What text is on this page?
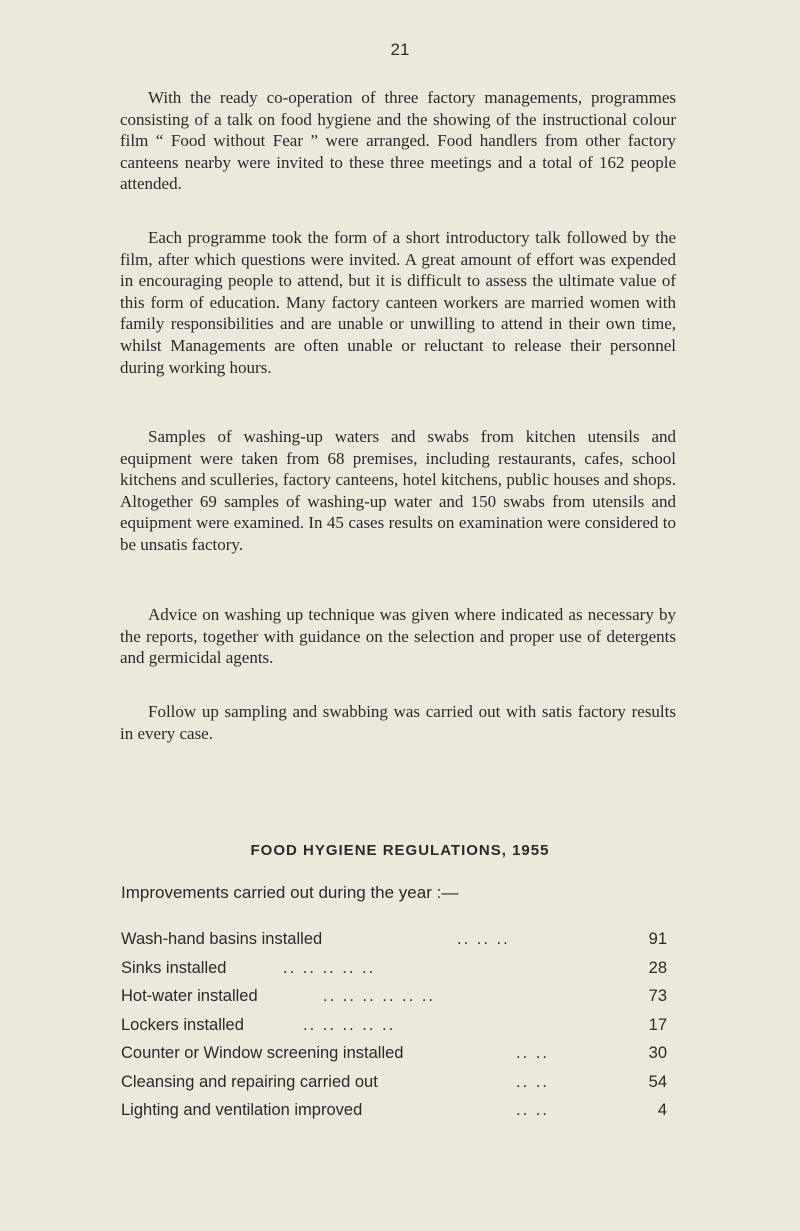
21

With the ready co-operation of three factory managements, programmes consisting of a talk on food hygiene and the showing of the instructional colour film “ Food without Fear ” were arranged. Food handlers from other factory canteens nearby were invited to these three meetings and a total of 162 people attended.

Each programme took the form of a short introductory talk followed by the film, after which questions were invited. A great amount of effort was expended in encouraging people to attend, but it is difficult to assess the ultimate value of this form of education. Many factory canteen workers are married women with family responsibilities and are unable or unwilling to attend in their own time, whilst Managements are often unable or reluctant to release their personnel during working hours.

Samples of washing-up waters and swabs from kitchen utensils and equipment were taken from 68 premises, including restaurants, cafes, school kitchens and sculleries, factory canteens, hotel kitchens, public houses and shops. Altogether 69 samples of washing-up water and 150 swabs from utensils and equipment were examined. In 45 cases results on examination were considered to be unsatis factory.

Advice on washing up technique was given where indicated as necessary by the reports, together with guidance on the selection and proper use of detergents and germicidal agents.

Follow up sampling and swabbing was carried out with satis factory results in every case.

FOOD HYGIENE REGULATIONS, 1955
Improvements carried out during the year :—
Wash-hand basins installed	.. .. ..	91
Sinks installed	.. .. .. .. ..	28
Hot-water installed	.. .. .. .. .. ..	73
Lockers installed	.. .. .. .. ..	17
Counter or Window screening installed	.. ..	30
Cleansing and repairing carried out	.. ..	54
Lighting and ventilation improved	.. ..	4
